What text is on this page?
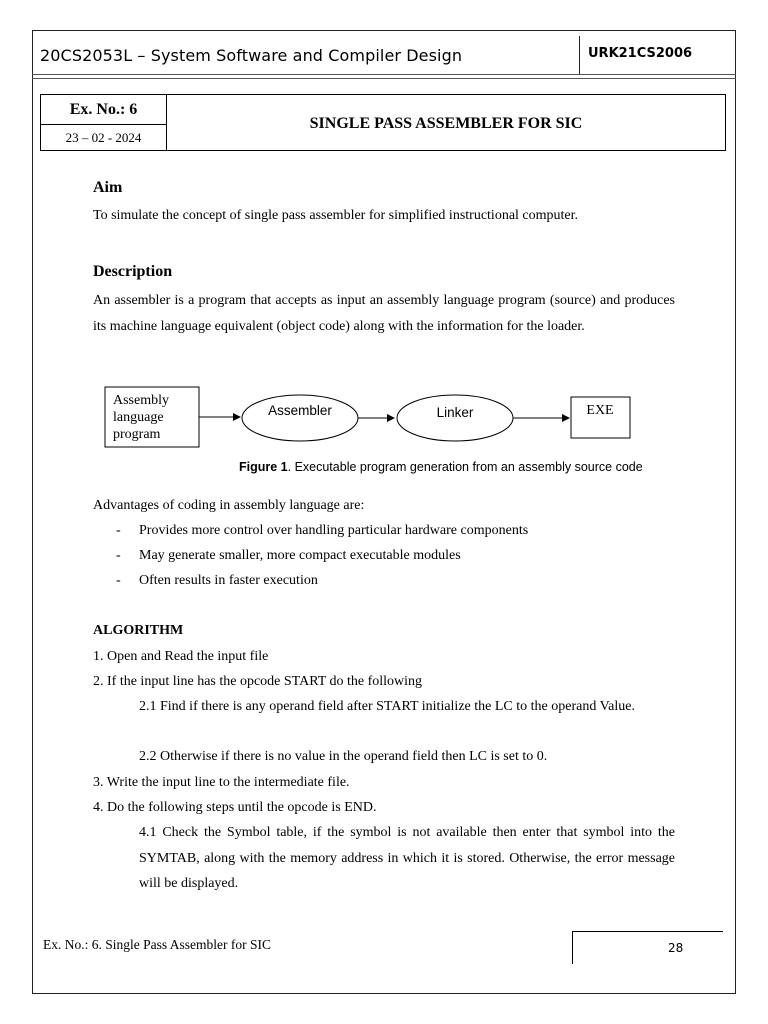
20CS2053L – System Software and Compiler Design	URK21CS2006
Ex. No.: 6
23 – 02 - 2024
SINGLE PASS ASSEMBLER FOR SIC
Aim
To simulate the concept of single pass assembler for simplified instructional computer.
Description
An assembler is a program that accepts as input an assembly language program (source) and produces its machine language equivalent (object code) along with the information for the loader.
Assembly language program
Assembler	Linker	EXE
Figure 1. Executable program generation from an assembly source code
Advantages of coding in assembly language are:
- Provides more control over handling particular hardware components
- May generate smaller, more compact executable modules
- Often results in faster execution
ALGORITHM
1. Open and Read the input file
2. If the input line has the opcode START do the following
2.1 Find if there is any operand field after START initialize the LC to the operand Value.
2.2 Otherwise if there is no value in the operand field then LC is set to 0.
3. Write the input line to the intermediate file.
4. Do the following steps until the opcode is END.
4.1 Check the Symbol table, if the symbol is not available then enter that symbol into the SYMTAB, along with the memory address in which it is stored. Otherwise, the error message will be displayed.
Ex. No.: 6. Single Pass Assembler for SIC	28
